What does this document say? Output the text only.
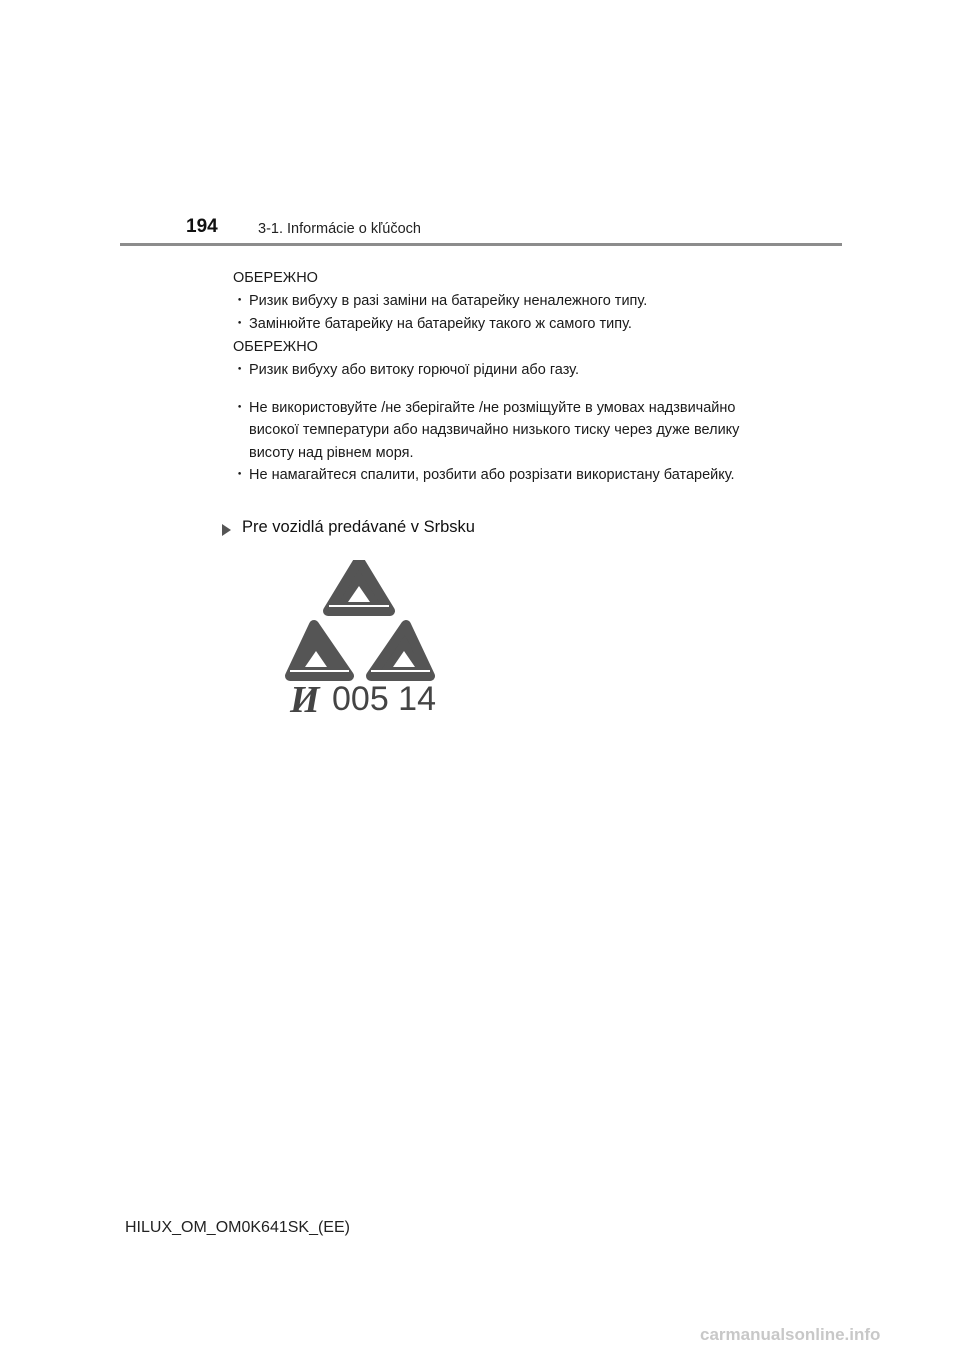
194	3-1. Informácie o kľúčoch
ОБЕРЕЖНО
･ Ризик вибуху в разі заміни на батарейку неналежного типу.
･ Замінюйте батарейку на батарейку такого ж самого типу.
ОБЕРЕЖНО
･ Ризик вибуху або витоку горючої рідини або газу.
･ Не використовуйте /не зберігайте /не розміщуйте в умовах надзвичайно високої температури або надзвичайно низького тиску через дуже велику висоту над рівнем моря.
･ Не намагайтеся спалити, розбити або розрізати використану батарейку.
Pre vozidlá predávané v Srbsku
И 005 14
HILUX_OM_OM0K641SK_(EE)
carmanualsonline.info
